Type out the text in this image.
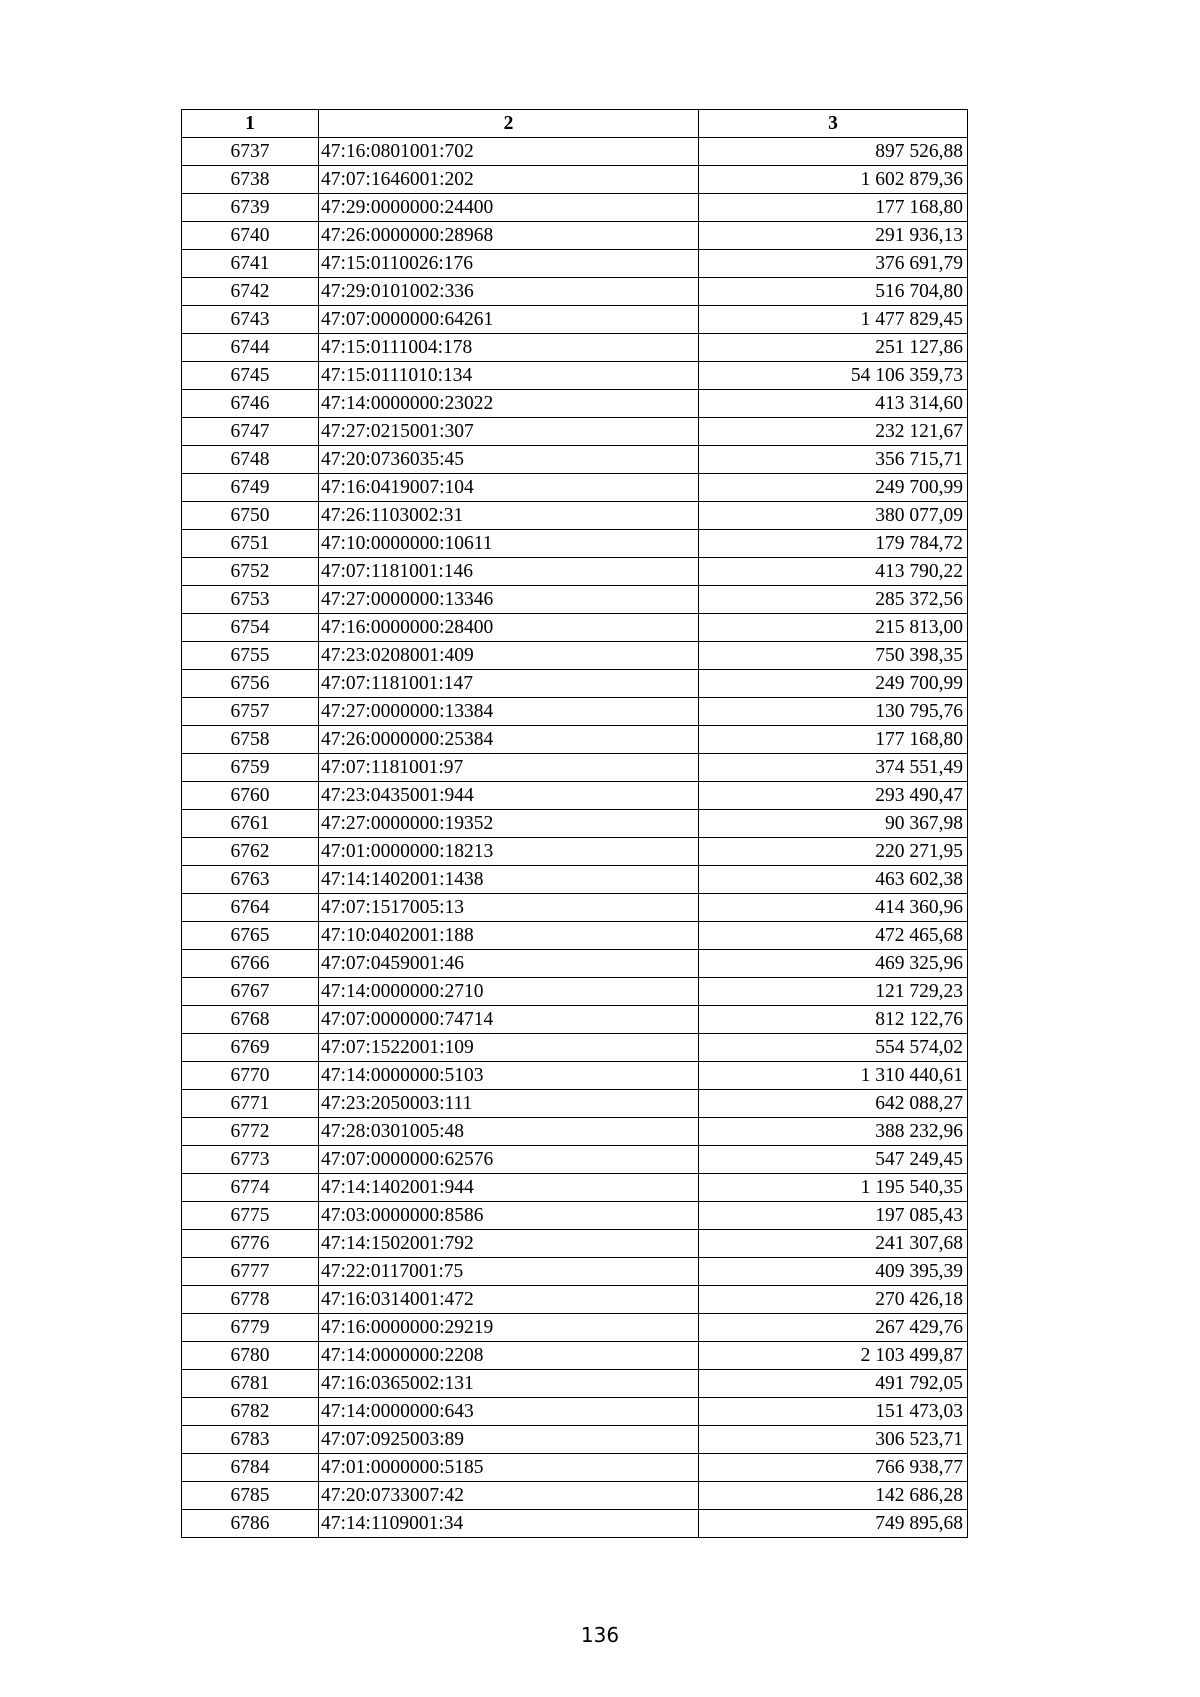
1	2	3
6737	47:16:0801001:702	897 526,88
6738	47:07:1646001:202	1 602 879,36
6739	47:29:0000000:24400	177 168,80
6740	47:26:0000000:28968	291 936,13
6741	47:15:0110026:176	376 691,79
6742	47:29:0101002:336	516 704,80
6743	47:07:0000000:64261	1 477 829,45
6744	47:15:0111004:178	251 127,86
6745	47:15:0111010:134	54 106 359,73
6746	47:14:0000000:23022	413 314,60
6747	47:27:0215001:307	232 121,67
6748	47:20:0736035:45	356 715,71
6749	47:16:0419007:104	249 700,99
6750	47:26:1103002:31	380 077,09
6751	47:10:0000000:10611	179 784,72
6752	47:07:1181001:146	413 790,22
6753	47:27:0000000:13346	285 372,56
6754	47:16:0000000:28400	215 813,00
6755	47:23:0208001:409	750 398,35
6756	47:07:1181001:147	249 700,99
6757	47:27:0000000:13384	130 795,76
6758	47:26:0000000:25384	177 168,80
6759	47:07:1181001:97	374 551,49
6760	47:23:0435001:944	293 490,47
6761	47:27:0000000:19352	90 367,98
6762	47:01:0000000:18213	220 271,95
6763	47:14:1402001:1438	463 602,38
6764	47:07:1517005:13	414 360,96
6765	47:10:0402001:188	472 465,68
6766	47:07:0459001:46	469 325,96
6767	47:14:0000000:2710	121 729,23
6768	47:07:0000000:74714	812 122,76
6769	47:07:1522001:109	554 574,02
6770	47:14:0000000:5103	1 310 440,61
6771	47:23:2050003:111	642 088,27
6772	47:28:0301005:48	388 232,96
6773	47:07:0000000:62576	547 249,45
6774	47:14:1402001:944	1 195 540,35
6775	47:03:0000000:8586	197 085,43
6776	47:14:1502001:792	241 307,68
6777	47:22:0117001:75	409 395,39
6778	47:16:0314001:472	270 426,18
6779	47:16:0000000:29219	267 429,76
6780	47:14:0000000:2208	2 103 499,87
6781	47:16:0365002:131	491 792,05
6782	47:14:0000000:643	151 473,03
6783	47:07:0925003:89	306 523,71
6784	47:01:0000000:5185	766 938,77
6785	47:20:0733007:42	142 686,28
6786	47:14:1109001:34	749 895,68
136
